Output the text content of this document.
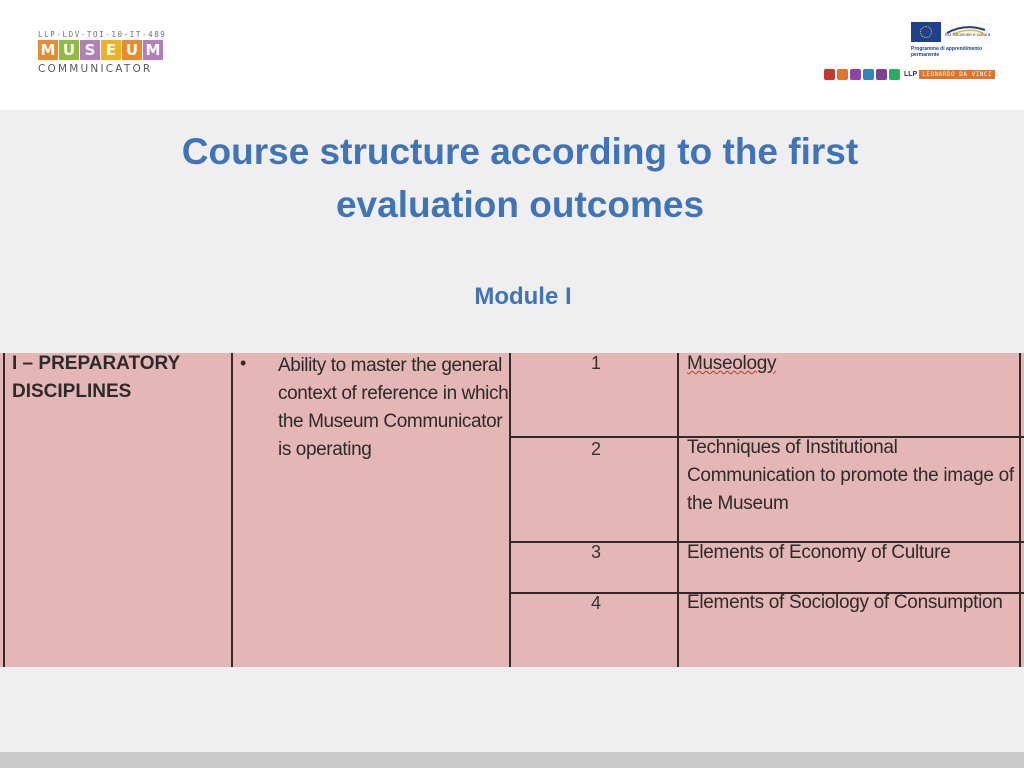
LLP-LDV-TOI-10-IT-489
M U S E U M
COMMUNICATOR
EU istruzione e cultura
Programma di apprendimento permanente
LLP LEONARDO DA VINCI
Course structure according to the first evaluation outcomes
Module I
I – PREPARATORY DISCIPLINES
• Ability to master the general context of reference in which the Museum Communicator is operating
1	Museology
2	Techniques of Institutional Communication to promote the image of the Museum
3	Elements of Economy of Culture
4	Elements of Sociology of Consumption
